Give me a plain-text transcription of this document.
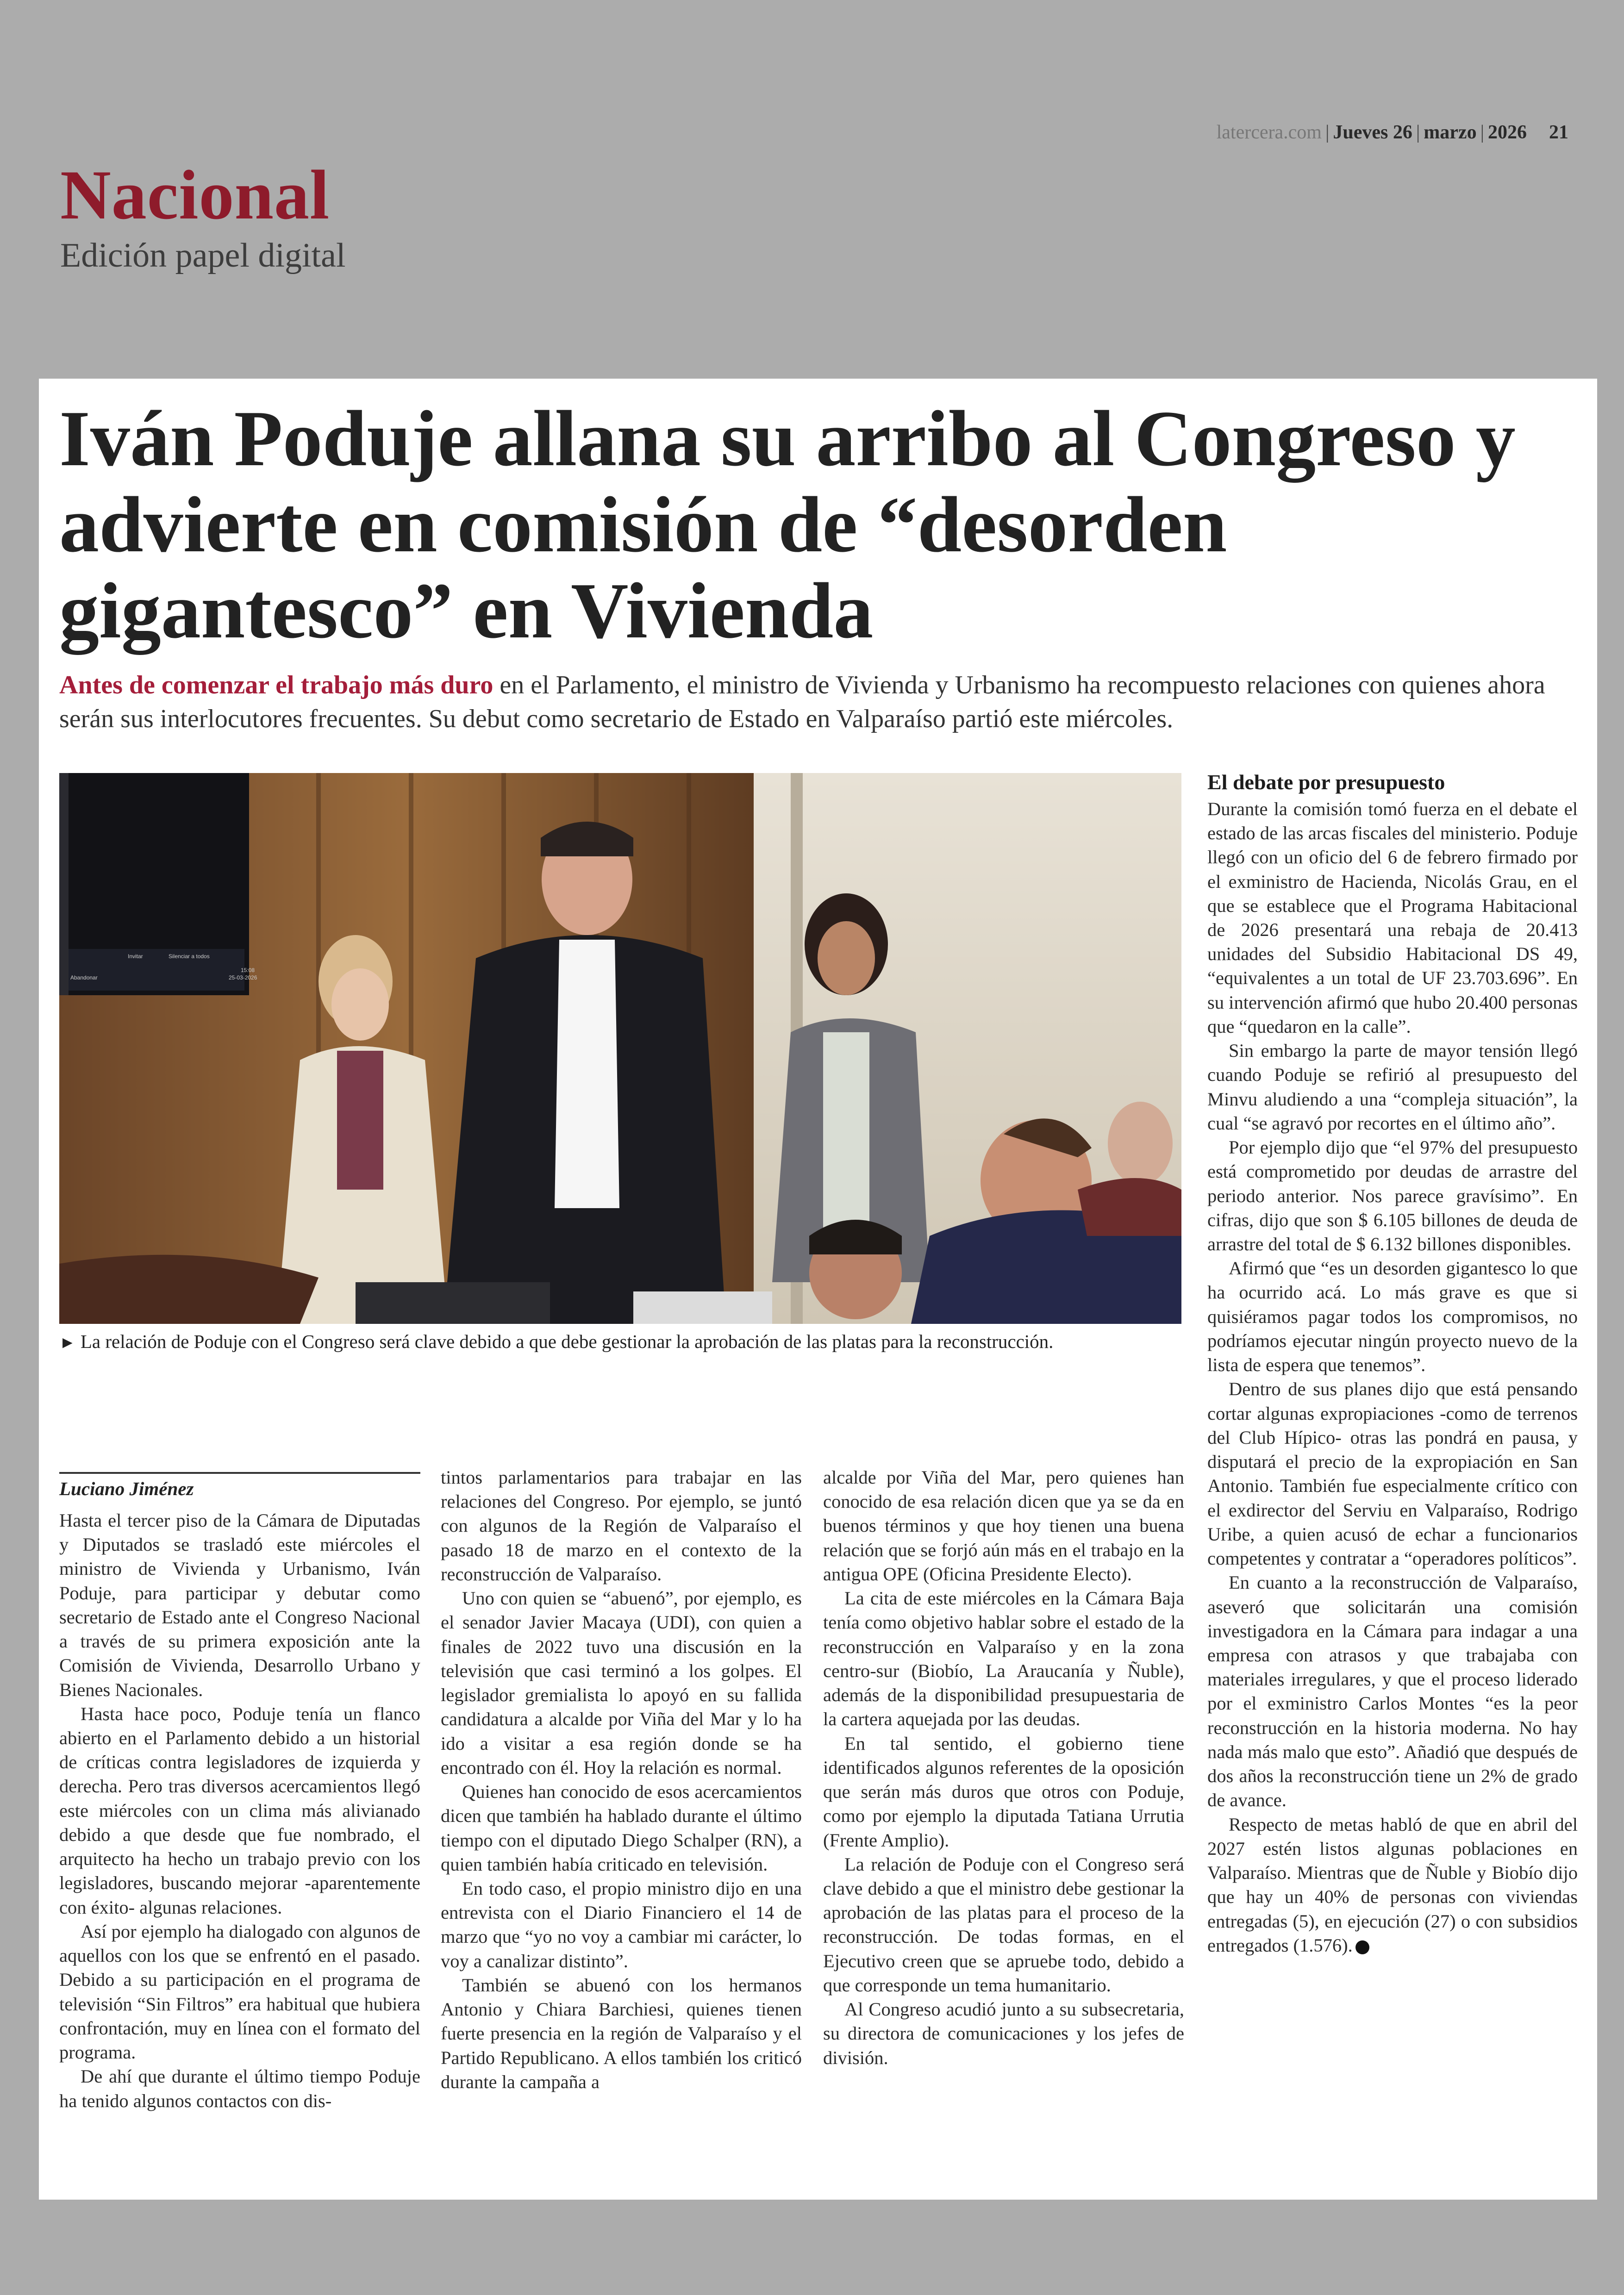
latercera.com | Jueves 26 | marzo | 2026 21
Nacional
Edición papel digital
Iván Poduje allana su arribo al Congreso y advierte en comisión de “desorden gigantesco” en Vivienda

Antes de comenzar el trabajo más duro en el Parlamento, el ministro de Vivienda y Urbanismo ha recompuesto relaciones con quienes ahora serán sus interlocutores frecuentes. Su debut como secretario de Estado en Valparaíso partió este miércoles.

Invitar	Silenciar a todos
Abandonar
15:08
25-03-2026

► La relación de Poduje con el Congreso será clave debido a que debe gestionar la aprobación de las platas para la reconstrucción.

Luciano Jiménez

Hasta el tercer piso de la Cámara de Diputadas y Diputados se trasladó este miércoles el ministro de Vivienda y Urbanismo, Iván Poduje, para participar y debutar como secretario de Estado ante el Congreso Nacional a través de su primera exposición ante la Comisión de Vivienda, Desarrollo Urbano y Bienes Nacionales.

Hasta hace poco, Poduje tenía un flanco abierto en el Parlamento debido a un historial de críticas contra legisladores de izquierda y derecha. Pero tras diversos acercamientos llegó este miércoles con un clima más alivianado debido a que desde que fue nombrado, el arquitecto ha hecho un trabajo previo con los legisladores, buscando mejorar -aparentemente con éxito- algunas relaciones.

Así por ejemplo ha dialogado con algunos de aquellos con los que se enfrentó en el pasado. Debido a su participación en el programa de televisión “Sin Filtros” era habitual que hubiera confrontación, muy en línea con el formato del programa.

De ahí que durante el último tiempo Poduje ha tenido algunos contactos con dis-

tintos parlamentarios para trabajar en las relaciones del Congreso. Por ejemplo, se juntó con algunos de la Región de Valparaíso el pasado 18 de marzo en el contexto de la reconstrucción de Valparaíso.

Uno con quien se “abuenó”, por ejemplo, es el senador Javier Macaya (UDI), con quien a finales de 2022 tuvo una discusión en la televisión que casi terminó a los golpes. El legislador gremialista lo apoyó en su fallida candidatura a alcalde por Viña del Mar y lo ha ido a visitar a esa región donde se ha encontrado con él. Hoy la relación es normal.

Quienes han conocido de esos acercamientos dicen que también ha hablado durante el último tiempo con el diputado Diego Schalper (RN), a quien también había criticado en televisión.

En todo caso, el propio ministro dijo en una entrevista con el Diario Financiero el 14 de marzo que “yo no voy a cambiar mi carácter, lo voy a canalizar distinto”.

También se abuenó con los hermanos Antonio y Chiara Barchiesi, quienes tienen fuerte presencia en la región de Valparaíso y el Partido Republicano. A ellos también los criticó durante la campaña a

alcalde por Viña del Mar, pero quienes han conocido de esa relación dicen que ya se da en buenos términos y que hoy tienen una buena relación que se forjó aún más en el trabajo en la antigua OPE (Oficina Presidente Electo).

La cita de este miércoles en la Cámara Baja tenía como objetivo hablar sobre el estado de la reconstrucción en Valparaíso y en la zona centro-sur (Biobío, La Araucanía y Ñuble), además de la disponibilidad presupuestaria de la cartera aquejada por las deudas.

En tal sentido, el gobierno tiene identificados algunos referentes de la oposición que serán más duros que otros con Poduje, como por ejemplo la diputada Tatiana Urrutia (Frente Amplio).

La relación de Poduje con el Congreso será clave debido a que el ministro debe gestionar la aprobación de las platas para el proceso de la reconstrucción. De todas formas, en el Ejecutivo creen que se apruebe todo, debido a que corresponde un tema humanitario.

Al Congreso acudió junto a su subsecretaria, su directora de comunicaciones y los jefes de división.

El debate por presupuesto

Durante la comisión tomó fuerza en el debate el estado de las arcas fiscales del ministerio. Poduje llegó con un oficio del 6 de febrero firmado por el exministro de Hacienda, Nicolás Grau, en el que se establece que el Programa Habitacional de 2026 presentará una rebaja de 20.413 unidades del Subsidio Habitacional DS 49, “equivalentes a un total de UF 23.703.696”. En su intervención afirmó que hubo 20.400 personas que “quedaron en la calle”.

Sin embargo la parte de mayor tensión llegó cuando Poduje se refirió al presupuesto del Minvu aludiendo a una “compleja situación”, la cual “se agravó por recortes en el último año”.

Por ejemplo dijo que “el 97% del presupuesto está comprometido por deudas de arrastre del periodo anterior. Nos parece gravísimo”. En cifras, dijo que son $ 6.105 billones de deuda de arrastre del total de $ 6.132 billones disponibles.

Afirmó que “es un desorden gigantesco lo que ha ocurrido acá. Lo más grave es que si quisiéramos pagar todos los compromisos, no podríamos ejecutar ningún proyecto nuevo de la lista de espera que tenemos”.

Dentro de sus planes dijo que está pensando cortar algunas expropiaciones -como de terrenos del Club Hípico- otras las pondrá en pausa, y disputará el precio de la expropiación en San Antonio. También fue especialmente crítico con el exdirector del Serviu en Valparaíso, Rodrigo Uribe, a quien acusó de echar a funcionarios competentes y contratar a “operadores políticos”.

En cuanto a la reconstrucción de Valparaíso, aseveró que solicitarán una comisión investigadora en la Cámara para indagar a una empresa con atrasos y que trabajaba con materiales irregulares, y que el proceso liderado por el exministro Carlos Montes “es la peor reconstrucción en la historia moderna. No hay nada más malo que esto”. Añadió que después de dos años la reconstrucción tiene un 2% de grado de avance.

Respecto de metas habló de que en abril del 2027 estén listos algunas poblaciones en Valparaíso. Mientras que de Ñuble y Biobío dijo que hay un 40% de personas con viviendas entregadas (5), en ejecución (27) o con subsidios entregados (1.576).
